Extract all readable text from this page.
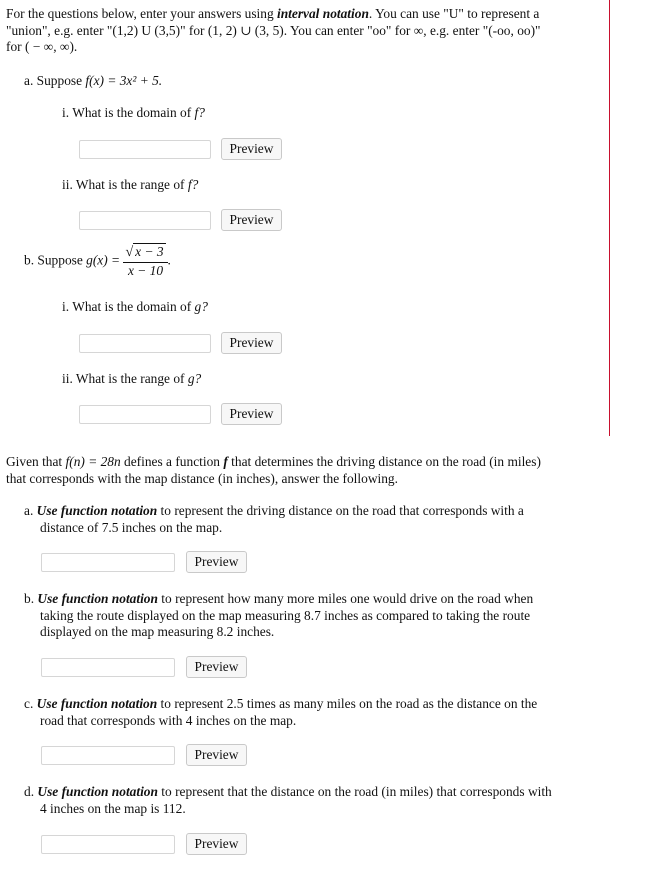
For the questions below, enter your answers using interval notation. You can use "U" to represent a
"union", e.g. enter "(1,2) U (3,5)" for (1, 2) ∪ (3, 5). You can enter "oo" for ∞, e.g. enter "(-oo, oo)"
for ( − ∞, ∞).
a. Suppose f(x) = 3x² + 5.
i. What is the domain of f?
Preview
ii. What is the range of f?
Preview
b. Suppose $g(x) = \frac{√ x - 3}{x - 10}$ .
i. What is the domain of g?
Preview
ii. What is the range of g?
Preview
Given that f(n) = 28n defines a function f that determines the driving distance on the road (in miles)
that corresponds with the map distance (in inches), answer the following.
a. Use function notation to represent the driving distance on the road that corresponds with a
distance of 7.5 inches on the map.
Preview
b. Use function notation to represent how many more miles one would drive on the road when
taking the route displayed on the map measuring 8.7 inches as compared to taking the route
displayed on the map measuring 8.2 inches.
Preview
c. Use function notation to represent 2.5 times as many miles on the road as the distance on the
road that corresponds with 4 inches on the map.
Preview
d. Use function notation to represent that the distance on the road (in miles) that corresponds with
4 inches on the map is 112.
Preview
